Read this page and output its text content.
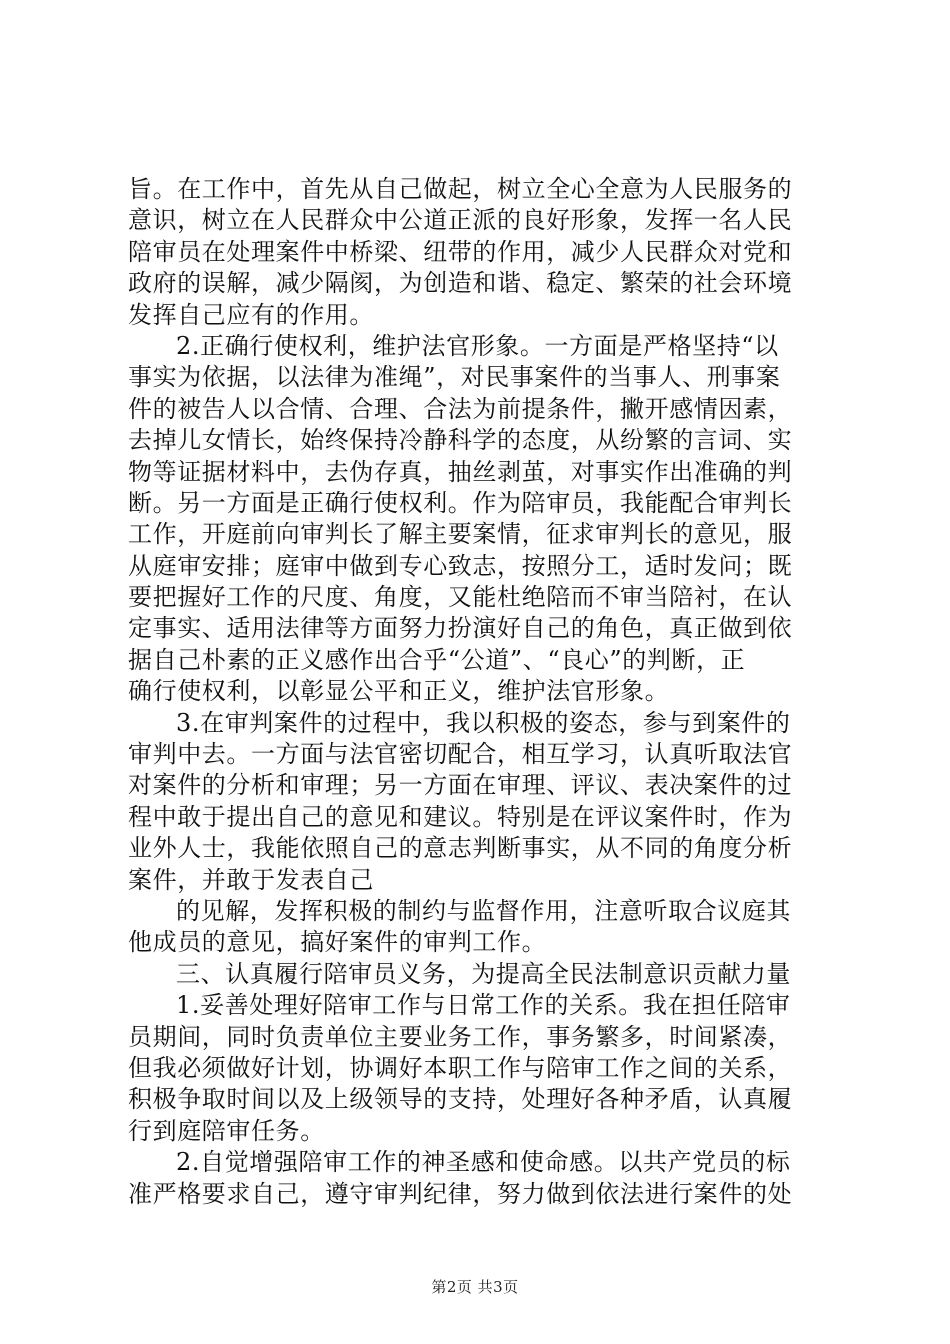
旨。在工作中，首先从自己做起，树立全心全意为人民服务的
意识，树立在人民群众中公道正派的良好形象，发挥一名人民
陪审员在处理案件中桥梁、纽带的作用，减少人民群众对党和
政府的误解，减少隔阂，为创造和谐、稳定、繁荣的社会环境
发挥自己应有的作用。
2.正确行使权利，维护法官形象。一方面是严格坚持“以
事实为依据，以法律为准绳”，对民事案件的当事人、刑事案
件的被告人以合情、合理、合法为前提条件，撇开感情因素，
去掉儿女情长，始终保持冷静科学的态度，从纷繁的言词、实
物等证据材料中，去伪存真，抽丝剥茧，对事实作出准确的判
断。另一方面是正确行使权利。作为陪审员，我能配合审判长
工作，开庭前向审判长了解主要案情，征求审判长的意见，服
从庭审安排；庭审中做到专心致志，按照分工，适时发问；既
要把握好工作的尺度、角度，又能杜绝陪而不审当陪衬，在认
定事实、适用法律等方面努力扮演好自己的角色，真正做到依
据自己朴素的正义感作出合乎“公道”、“良心”的判断，正
确行使权利，以彰显公平和正义，维护法官形象。
3.在审判案件的过程中，我以积极的姿态，参与到案件的
审判中去。一方面与法官密切配合，相互学习，认真听取法官
对案件的分析和审理；另一方面在审理、评议、表决案件的过
程中敢于提出自己的意见和建议。特别是在评议案件时，作为
业外人士，我能依照自己的意志判断事实，从不同的角度分析
案件，并敢于发表自己
的见解，发挥积极的制约与监督作用，注意听取合议庭其
他成员的意见，搞好案件的审判工作。
三、认真履行陪审员义务，为提高全民法制意识贡献力量
1.妥善处理好陪审工作与日常工作的关系。我在担任陪审
员期间，同时负责单位主要业务工作，事务繁多，时间紧凑，
但我必须做好计划，协调好本职工作与陪审工作之间的关系，
积极争取时间以及上级领导的支持，处理好各种矛盾，认真履
行到庭陪审任务。
2.自觉增强陪审工作的神圣感和使命感。以共产党员的标
准严格要求自己，遵守审判纪律，努力做到依法进行案件的处
第2页 共3页
